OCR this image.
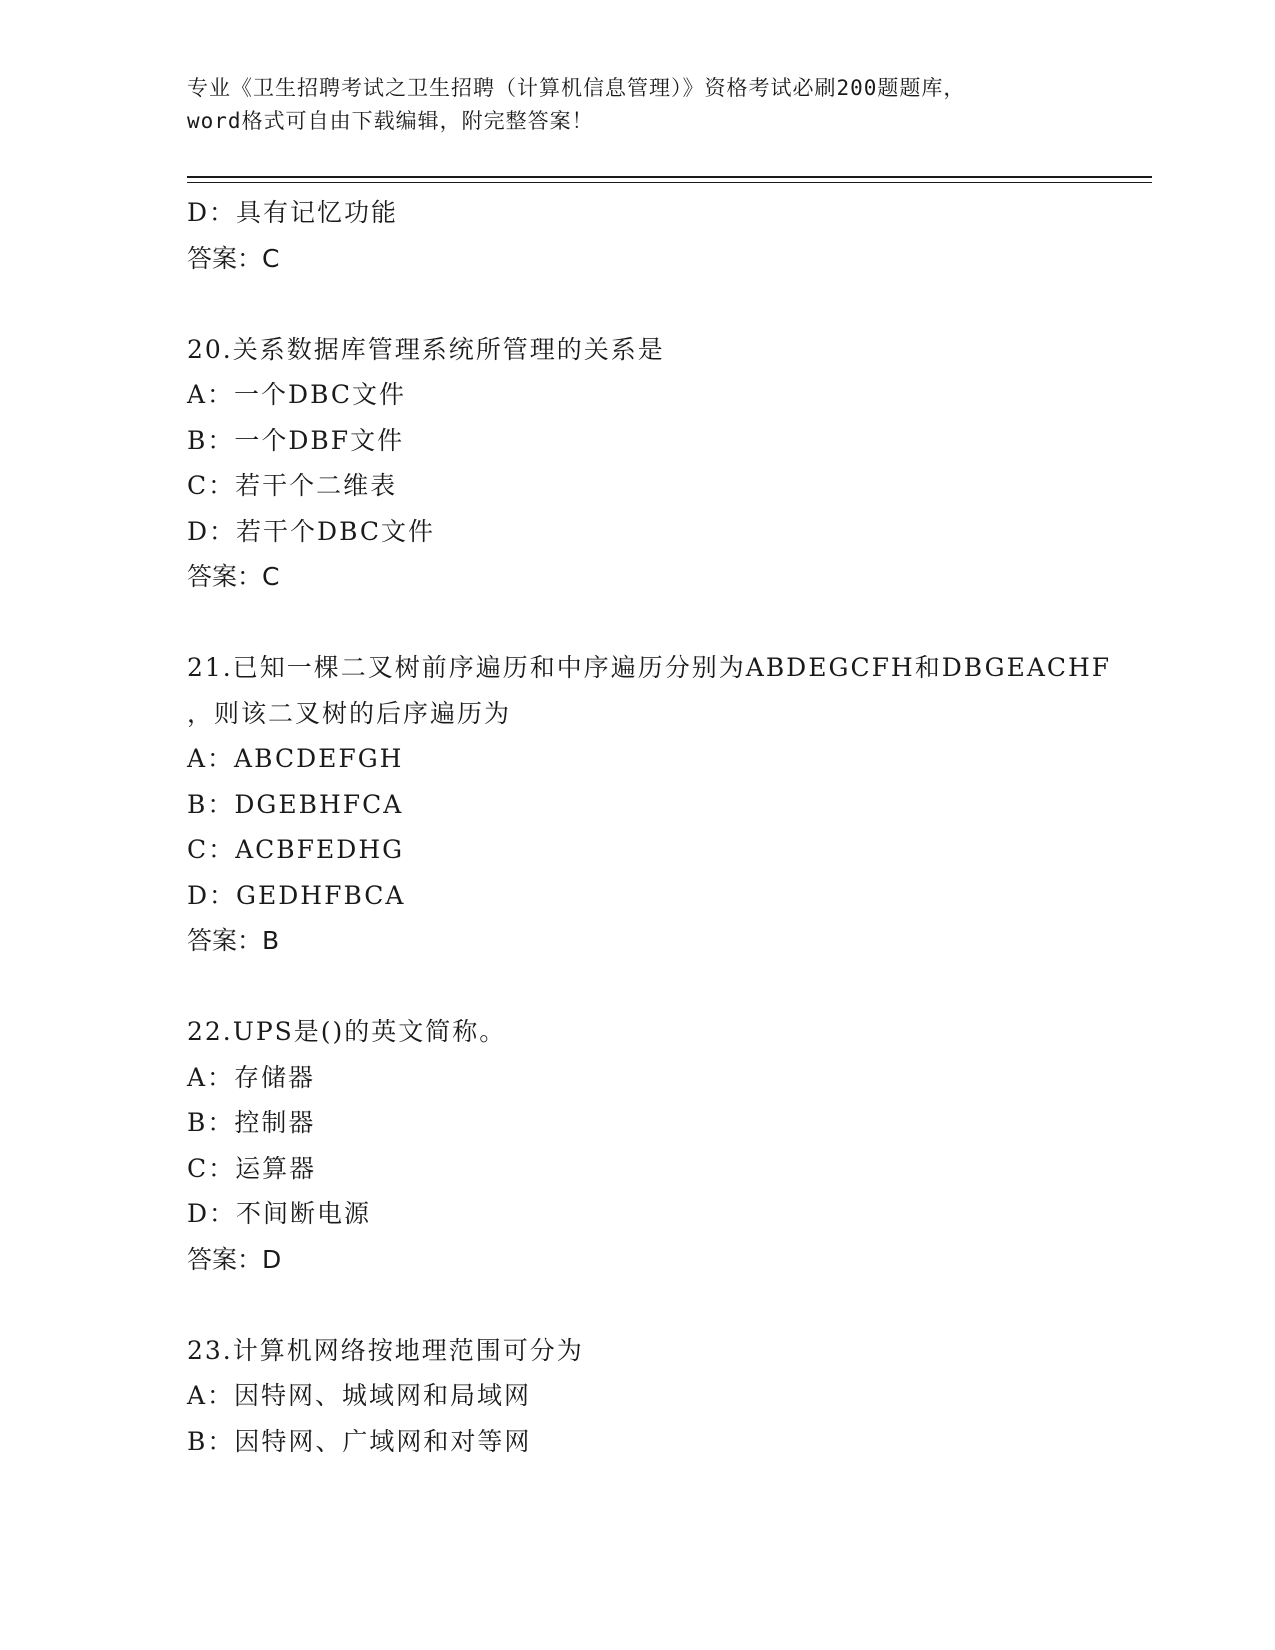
专业《卫生招聘考试之卫生招聘（计算机信息管理）》资格考试必刷200题题库，
word格式可自由下载编辑，附完整答案！
D：具有记忆功能
答案：C
20.关系数据库管理系统所管理的关系是
A：一个DBC文件
B：一个DBF文件
C：若干个二维表
D：若干个DBC文件
答案：C
21.已知一棵二叉树前序遍历和中序遍历分别为ABDEGCFH和DBGEACHF
，则该二叉树的后序遍历为
A：ABCDEFGH
B：DGEBHFCA
C：ACBFEDHG
D：GEDHFBCA
答案：B
22.UPS是()的英文简称。
A：存储器
B：控制器
C：运算器
D：不间断电源
答案：D
23.计算机网络按地理范围可分为
A：因特网、城域网和局域网
B：因特网、广域网和对等网
